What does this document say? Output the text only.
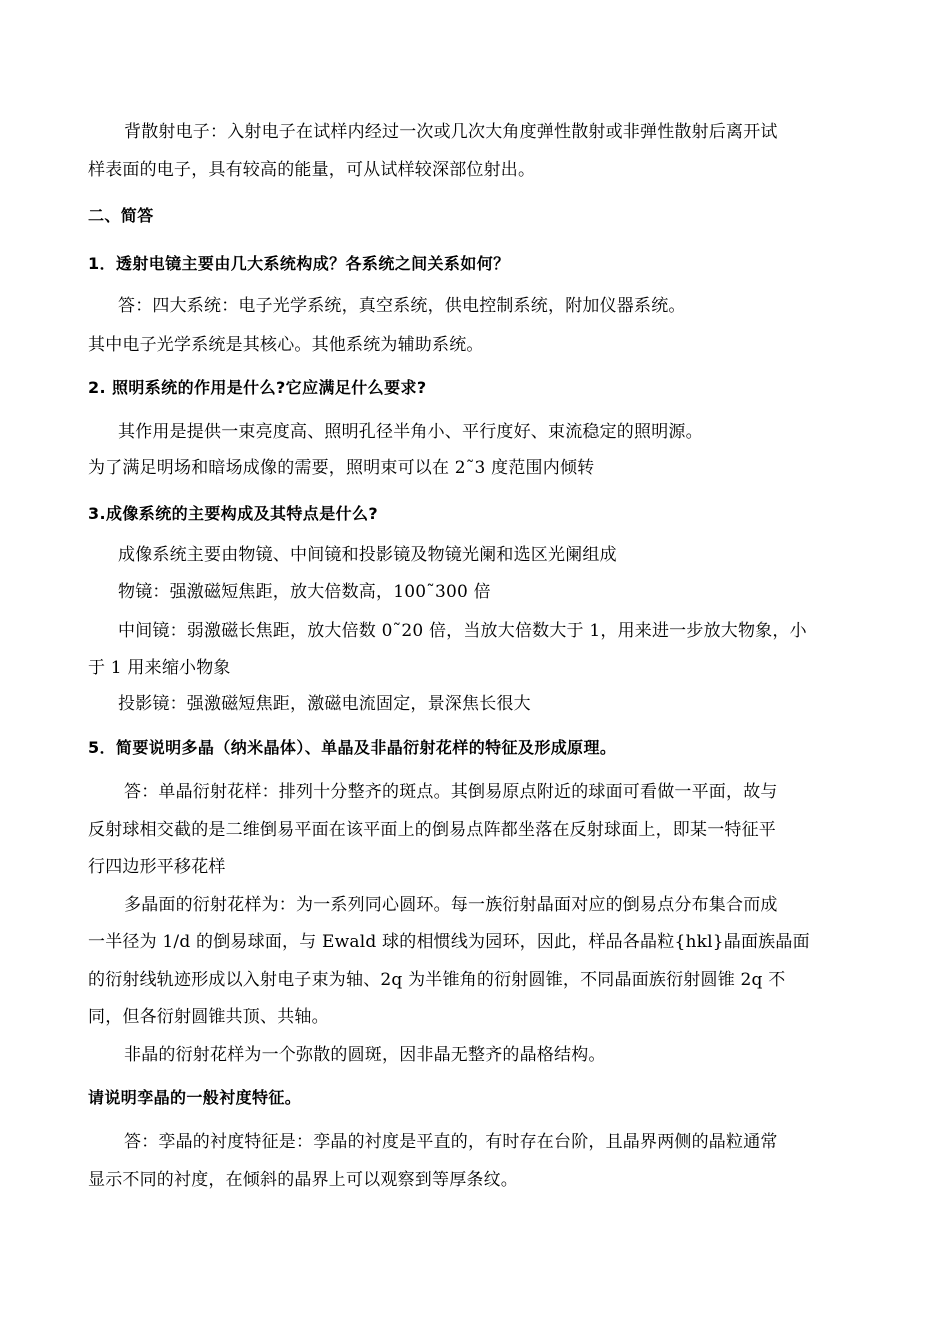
背散射电子：入射电子在试样内经过一次或几次大角度弹性散射或非弹性散射后离开试
样表面的电子，具有较高的能量，可从试样较深部位射出。
二、简答
1．透射电镜主要由几大系统构成？各系统之间关系如何？
答：四大系统：电子光学系统，真空系统，供电控制系统，附加仪器系统。
其中电子光学系统是其核心。其他系统为辅助系统。
2. 照明系统的作用是什么?它应满足什么要求?
其作用是提供一束亮度高、照明孔径半角小、平行度好、束流稳定的照明源。
为了满足明场和暗场成像的需要，照明束可以在 2˜3 度范围内倾转
3.成像系统的主要构成及其特点是什么?
成像系统主要由物镜、中间镜和投影镜及物镜光阑和选区光阑组成
物镜：强激磁短焦距，放大倍数高，100˜300 倍
中间镜：弱激磁长焦距，放大倍数 0˜20 倍，当放大倍数大于 1，用来进一步放大物象，小
于 1 用来缩小物象
投影镜：强激磁短焦距，激磁电流固定，景深焦长很大
5．简要说明多晶（纳米晶体）、单晶及非晶衍射花样的特征及形成原理。
答：单晶衍射花样：排列十分整齐的斑点。其倒易原点附近的球面可看做一平面，故与
反射球相交截的是二维倒易平面在该平面上的倒易点阵都坐落在反射球面上，即某一特征平
行四边形平移花样
多晶面的衍射花样为：为一系列同心圆环。每一族衍射晶面对应的倒易点分布集合而成
一半径为 1/d 的倒易球面，与 Ewald 球的相惯线为园环，因此，样品各晶粒{hkl}晶面族晶面
的衍射线轨迹形成以入射电子束为轴、2q 为半锥角的衍射圆锥，不同晶面族衍射圆锥 2q 不
同，但各衍射圆锥共顶、共轴。
非晶的衍射花样为一个弥散的圆斑，因非晶无整齐的晶格结构。
请说明孪晶的一般衬度特征。
答：孪晶的衬度特征是：孪晶的衬度是平直的，有时存在台阶，且晶界两侧的晶粒通常
显示不同的衬度，在倾斜的晶界上可以观察到等厚条纹。
